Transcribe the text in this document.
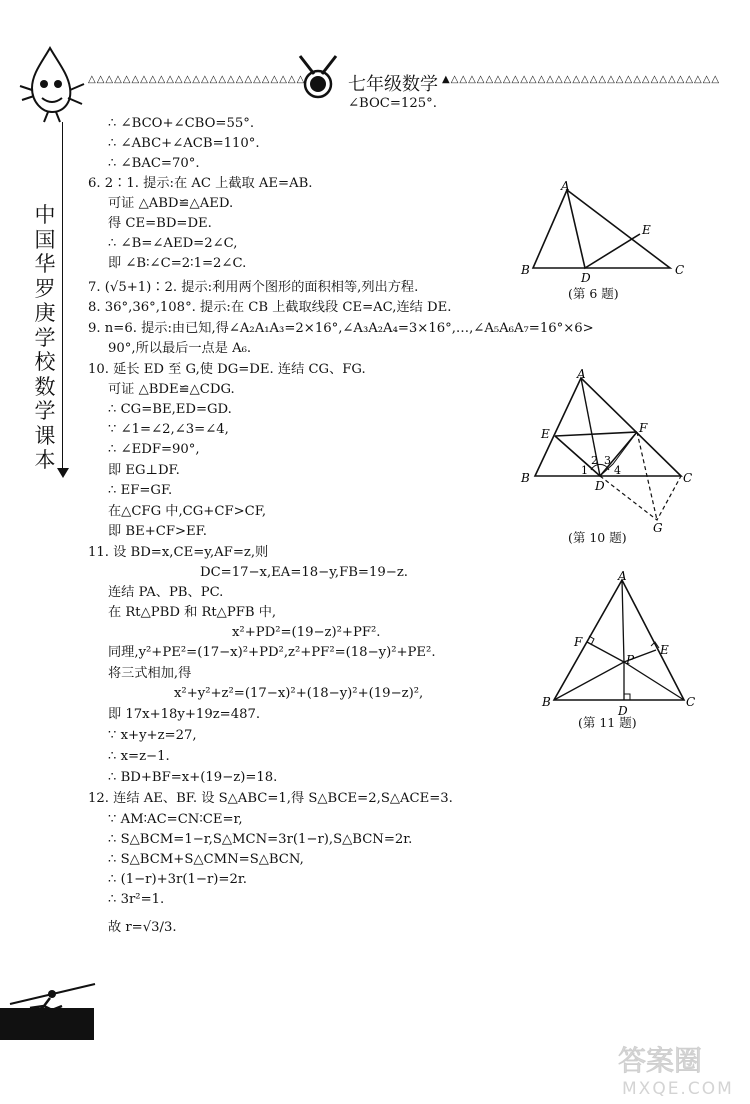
△△△△△△△△△△△△△△△△△△△△△△△△△ 七年级数学 ▲△△△△△△△△△△△△△△△△△△△△△△△△△△△△△△△
中
国
华
罗
庚
学
校
数
学
课
本
∠BOC=125°.
∴ ∠BCO+∠CBO=55°.
∴ ∠ABC+∠ACB=110°.
∴ ∠BAC=70°.
6. 2∶1. 提示:在 AC 上截取 AE=AB.
可证 △ABD≌△AED.
得 CE=BD=DE.
∴ ∠B=∠AED=2∠C,
即 ∠B∶∠C=2∶1=2∠C.
7. (√5+1)∶2. 提示:利用两个图形的面积相等,列出方程.
8. 36°,36°,108°. 提示:在 CB 上截取线段 CE=AC,连结 DE.
9. n=6. 提示:由已知,得∠A₂A₁A₃=2×16°,∠A₃A₂A₄=3×16°,…,∠A₅A₆A₇=16°×6>
90°,所以最后一点是 A₆.
10. 延长 ED 至 G,使 DG=DE. 连结 CG、FG.
可证 △BDE≌△CDG.
∴ CG=BE,ED=GD.
∵ ∠1=∠2,∠3=∠4,
∴ ∠EDF=90°,
即 EG⊥DF.
∴ EF=GF.
在△CFG 中,CG+CF>CF,
即 BE+CF>EF.
11. 设 BD=x,CE=y,AF=z,则
DC=17−x,EA=18−y,FB=19−z.
连结 PA、PB、PC.
在 Rt△PBD 和 Rt△PFB 中,
x²+PD²=(19−z)²+PF².
同理,y²+PE²=(17−x)²+PD²,z²+PF²=(18−y)²+PE².
将三式相加,得
x²+y²+z²=(17−x)²+(18−y)²+(19−z)²,
即 17x+18y+19z=487.
∵ x+y+z=27,
∴ x=z−1.
∴ BD+BF=x+(19−z)=18.
12. 连结 AE、BF. 设 S△ABC=1,得 S△BCE=2,S△ACE=3.
∵ AM∶AC=CN∶CE=r,
∴ S△BCM=1−r,S△MCN=3r(1−r),S△BCN=2r.
∴ S△BCM+S△CMN=S△BCN,
∴ (1−r)+3r(1−r)=2r.
∴ 3r²=1.
故 r=√3/3.
A
B	C
D
E
(第 6 题)
A
B	C
D
E	F
G
1
2 3
4
(第 10 题)
A
B	C
D
E
F
P
(第 11 题)
答案圈
MXQE.COM
